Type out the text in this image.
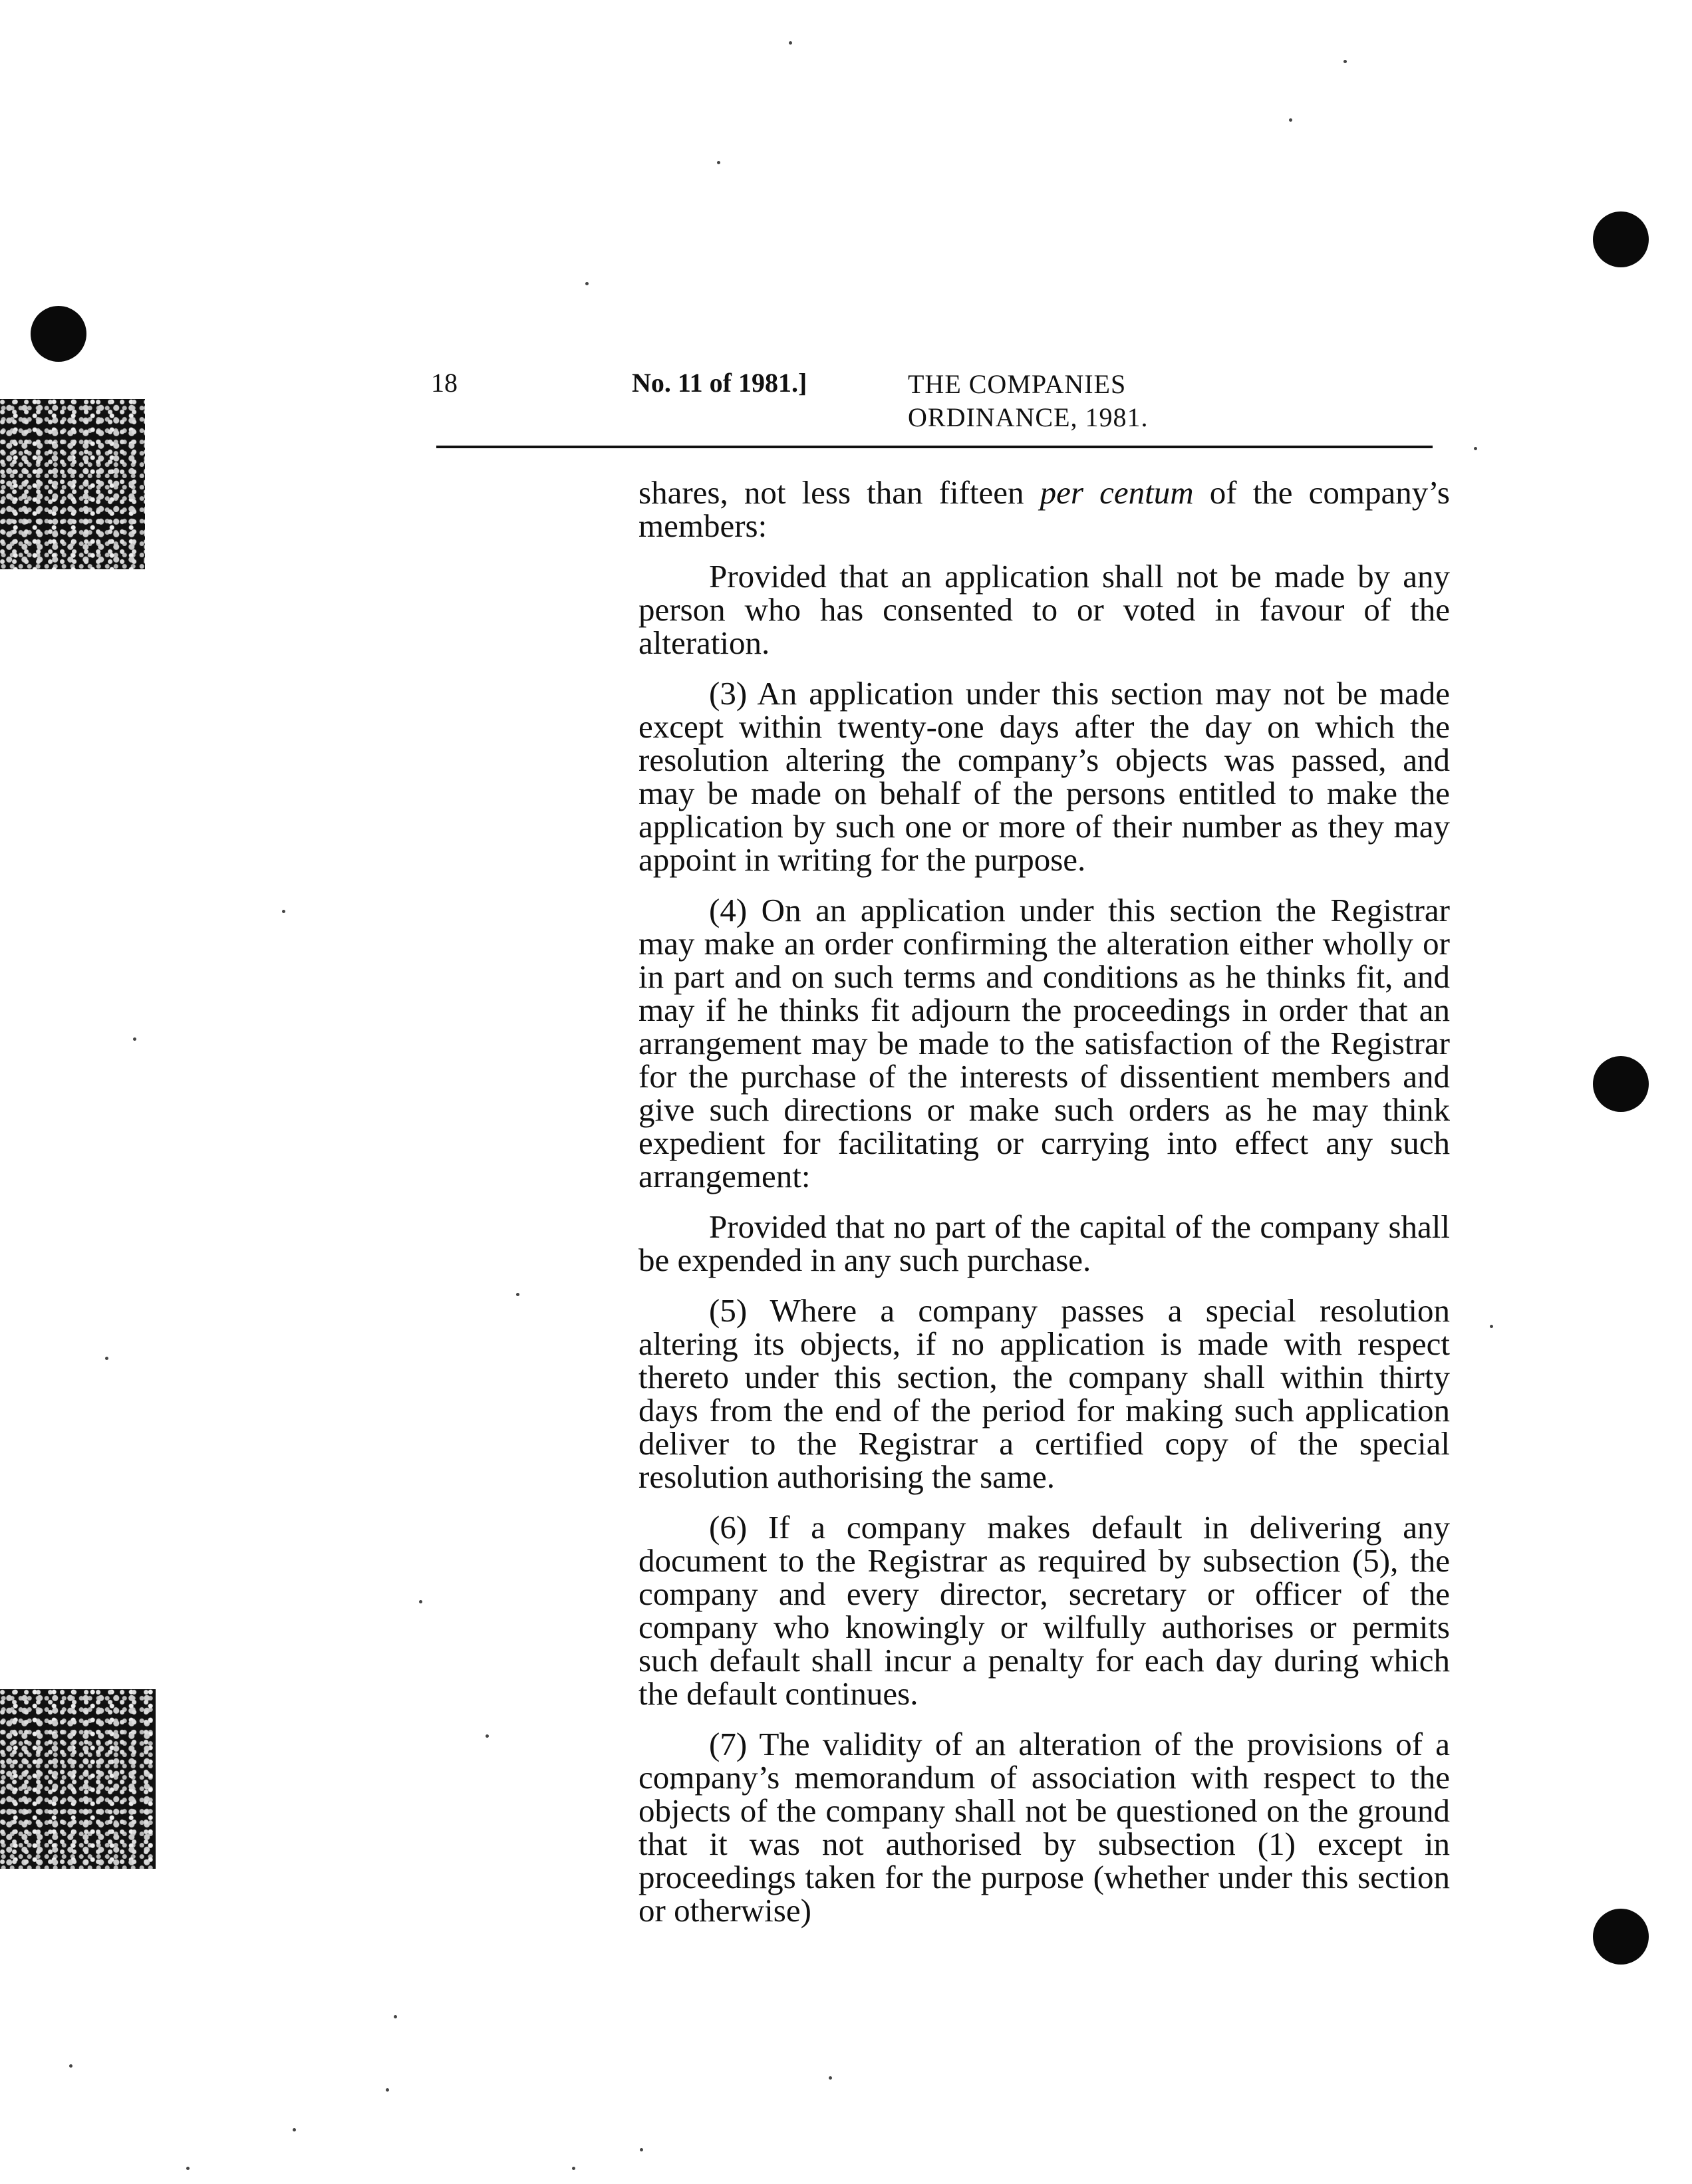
18	No. 11 of 1981.]	THE COMPANIES
ORDINANCE, 1981.

shares, not less than fifteen per centum of the company’s members:

Provided that an application shall not be made by any person who has consented to or voted in favour of the alteration.

(3) An application under this section may not be made except within twenty-one days after the day on which the resolution altering the company’s objects was passed, and may be made on behalf of the persons entitled to make the application by such one or more of their number as they may appoint in writing for the purpose.

(4) On an application under this section the Registrar may make an order confirming the alteration either wholly or in part and on such terms and conditions as he thinks fit, and may if he thinks fit adjourn the proceedings in order that an arrangement may be made to the satisfaction of the Registrar for the purchase of the interests of dissentient members and give such directions or make such orders as he may think expedient for facilitating or carrying into effect any such arrangement:

Provided that no part of the capital of the company shall be expended in any such purchase.

(5) Where a company passes a special resolution altering its objects, if no application is made with respect thereto under this section, the company shall within thirty days from the end of the period for making such application deliver to the Registrar a certified copy of the special resolution authorising the same.

(6) If a company makes default in delivering any document to the Registrar as required by subsection (5), the company and every director, secretary or officer of the company who knowingly or wilfully authorises or permits such default shall incur a penalty for each day during which the default continues.

(7) The validity of an alteration of the provisions of a company’s memorandum of association with respect to the objects of the company shall not be questioned on the ground that it was not authorised by subsection (1) except in proceedings taken for the purpose (whether under this section or otherwise)
